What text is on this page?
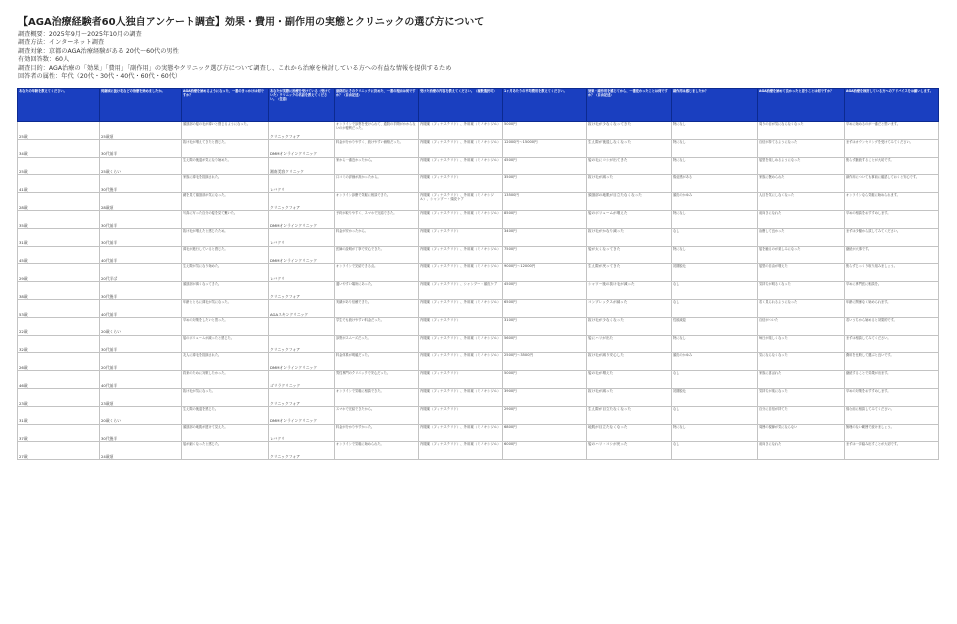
【AGA治療経験者60人独自アンケート調査】効果・費用・副作用の実態とクリニックの選び方について
調査概要：2025年9月〜2025年10月の調査
調査方法：インターネット調査
調査対象：京都のAGA治療経験がある 20代〜60代の男性
有効回答数：60人
調査目的：AGA治療の「効果」「費用」「副作用」の実態やクリニック選び方について調査し、これから治療を検討している方への有益な情報を提供するため
回答者の属性：年代（20代・30代・40代・60代・60代）
あなたの年齢を教えてください。	何歳頃に抜け毛などの治療を始めましたか。	AGA治療を始めるようになった、一番のきっかけは何ですか？	あなたが実際に治療を受けている（受けていた）クリニックの名前を教えてください。（任意）	最終的にそのクリニックに決めた、一番の理由は何ですか？（自由記述）	受けた治療の内容を教えてください。（複数選択可）	1ヶ月あたりの平均費用を教えてください。	効果・副作用を感じてから、一番変わったことは何ですか？（自由記述）	副作用は感じましたか？	AGA治療を始めて良かったと思うことは何ですか？	AGA治療を検討している方へのアドバイスをお願いします。
25歳	25歳頃	頭頂部の髪の毛が薄いと感じるようになった。	クリニックフォア	オンラインで診察を受けられて、通院の手間がかからないのが便利だった。	内服薬（フィナステリド）、外用薬（ミノキシジル）	5000円	抜け毛が少なくなってきた	特になし	周りの目が気にならなくなった	早めに始めるのが一番だと思います。
34歳	30代前半	抜け毛が増えてきたと感じた。	DMMオンラインクリニック	料金が分かりやすく、続けやすい価格だった。	内服薬（フィナステリド）、外用薬（ミノキシジル）	12000円〜15000円	生え際が後退しなくなった	特になし	自信が持てるようになった	まずはカウンセリングを受けてみてください。
25歳	25歳くらい	生え際の後退が気になり始めた。	湘南美容クリニック	家から一番近かったから。	内服薬（フィナステリド）、外用薬（ミノキシジル）	4500円	髪の毛にコシが出てきた	特になし	髪型を楽しめるようになった	焦らず継続することが大切です。
41歳	30代後半	家族に薄毛を指摘された。	レバクリ	口コミの評価が高かったから。	内服薬（フィナステリド）	3500円	抜け毛が減った	倦怠感がある	家族に褒められた	副作用についても事前に確認しておくと安心です。
28歳	28歳頃	鏡を見て頭頂部が気になった。	クリニックフォア	オンライン診療で気軽に相談できた。	内服薬（フィナステリド）、外用薬（ミノキシジル）、シャンプー・頭皮ケア	13500円	頭頂部の地肌が目立たなくなった	頭皮のかゆみ	人目を気にしなくなった	オンラインなら気軽に始められます。
35歳	30代前半	写真に写った自分の髪を見て驚いた。	DMMオンラインクリニック	予約が取りやすく、スマホで完結できた。	内服薬（フィナステリド）、外用薬（ミノキシジル）	8500円	髪のボリュームが増えた	特になし	前向きになれた	早めの相談をおすすめします。
31歳	30代前半	抜け毛が増えたと感じたため。	レバクリ	料金が安かったから。	内服薬（フィナステリド）	3400円	抜け毛がかなり減った	なし	治療して良かった	まずは少額から試してみてください。
45歳	40代前半	薄毛が進行していると感じた。	DMMオンラインクリニック	医師の説明が丁寧で安心できた。	内服薬（フィナステリド）、外用薬（ミノキシジル）	7500円	髪が太くなってきた	特になし	髪を触るのが楽しみになった	継続が大事です。
29歳	20代半ば	生え際が気になり始めた。	レバクリ	オンラインで完結できる点。	内服薬（フィナステリド）、外用薬（ミノキシジル）	9000円〜12000円	生え際が戻ってきた	初期脱毛	髪型の自由が増えた	焦らずじっくり取り組みましょう。
38歳	30代後半	頭頂部が薄くなってきた。	クリニックフォア	通いやすい場所にあった。	内服薬（フィナステリド）、シャンプー・頭皮ケア	4500円	シャワー後の抜け毛が減った	なし	気持ちが明るくなった	早めに専門医に相談を。
53歳	40代前半	年齢とともに薄毛が気になった。	AGAスキンクリニック	実績があり信頼できた。	内服薬（フィナステリド）、外用薬（ミノキシジル）	6500円	コンプレックスが減った	なし	若く見られるようになった	年齢に関係なく始められます。
22歳	20歳くらい	早めの対策をしたいと思った。		学生でも続けやすい料金だった。	内服薬（フィナステリド）	3100円	抜け毛が少なくなった	性欲減退	自信がついた	若いうちから始めると効果的です。
32歳	30代前半	髪のボリュームが減ったと感じた。	クリニックフォア	診察がスムーズだった。	内服薬（フィナステリド）、外用薬（ミノキシジル）	5600円	髪にハリが出た	特になし	毎日が楽しくなった	まずは相談してみてください。
26歳	20代前半	友人に薄毛を指摘された。	DMMオンラインクリニック	料金体系が明確だった。	内服薬（フィナステリド）、外用薬（ミノキシジル）	2500円〜3500円	抜け毛が減り安心した	頭皮のかゆみ	気にならなくなった	費用を比較して選ぶと良いです。
46歳	40代前半	将来のために対策したかった。	ゴリラクリニック	男性専門のクリニックで安心だった。	内服薬（フィナステリド）	5000円	髪の毛が増えた	なし	家族に喜ばれた	継続することで効果が出ます。
23歳	23歳頃	抜け毛が気になった。	クリニックフォア	オンラインで気軽に相談できた。	内服薬（フィナステリド）、外用薬（ミノキシジル）	3900円	抜け毛が減った	初期脱毛	気持ちが楽になった	早めの対策をおすすめします。
31歳	20歳くらい	生え際の後退を感じた。	DMMオンラインクリニック	スマホで完結できたから。	内服薬（フィナステリド）	2900円	生え際が目立たなくなった	なし	自分に自信が持てた	悩む前に相談してみてください。
37歳	30代後半	頭頂部の地肌が透けて見えた。	レバクリ	料金が分かりやすかった。	内服薬（フィナステリド）、外用薬（ミノキシジル）	6800円	地肌が目立たなくなった	特になし	周囲の視線が気にならない	無理のない範囲で続けましょう。
27歳	24歳頃	髪が細くなったと感じた。	クリニックフォア	オンラインで気軽に始められた。	内服薬（フィナステリド）、外用薬（ミノキシジル）	6000円	髪のハリ・コシが戻った	なし	前向きになれた	まずは一歩踏み出すことが大切です。
